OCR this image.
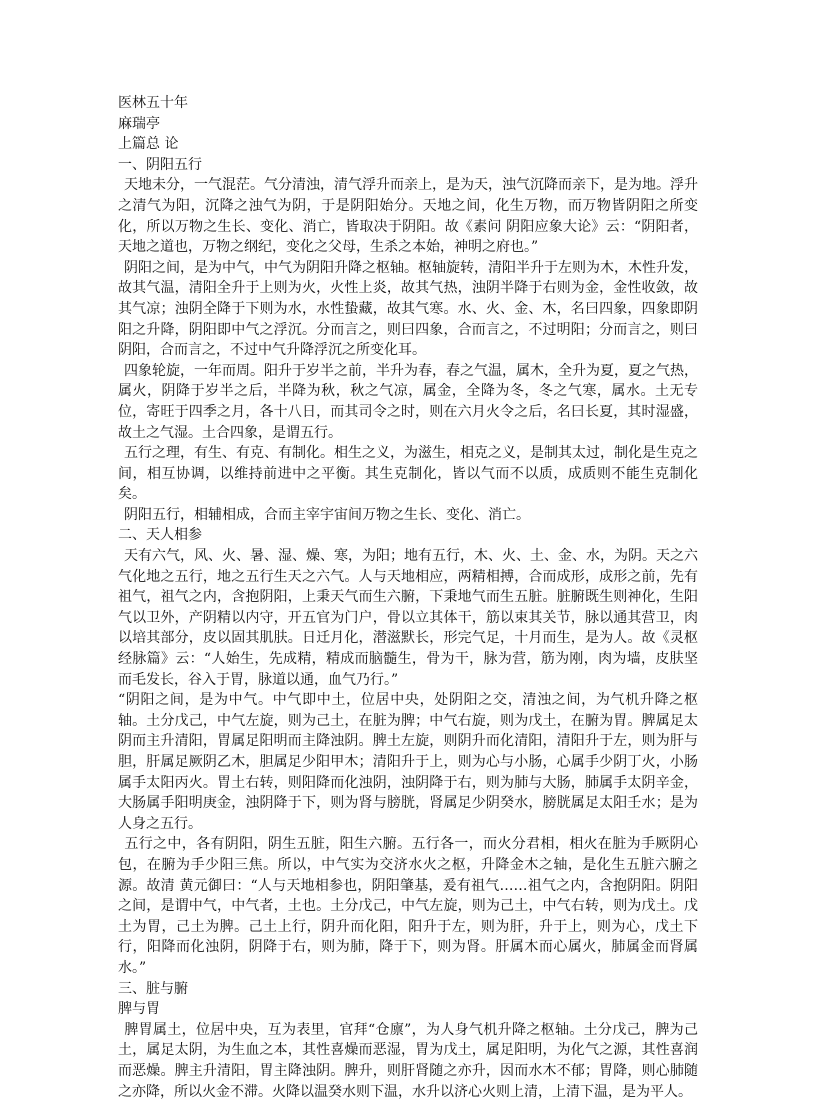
医林五十年

麻瑞亭

上篇总 论

一、阴阳五行

天地未分，一气混茫。气分清浊，清气浮升而亲上，是为天，浊气沉降而亲下，是为地。浮升之清气为阳，沉降之浊气为阴，于是阴阳始分。天地之间，化生万物，而万物皆阴阳之所变化，所以万物之生长、变化、消亡，皆取决于阴阳。故《素问 阴阳应象大论》云：“阴阳者，天地之道也，万物之纲纪，变化之父母，生杀之本始，神明之府也。”

阴阳之间，是为中气，中气为阴阳升降之枢轴。枢轴旋转，清阳半升于左则为木，木性升发，故其气温，清阳全升于上则为火，火性上炎，故其气热，浊阴半降于右则为金，金性收敛，故其气凉；浊阴全降于下则为水，水性蛰藏，故其气寒。水、火、金、木，名曰四象，四象即阴阳之升降，阴阳即中气之浮沉。分而言之，则曰四象，合而言之，不过明阳；分而言之，则曰阴阳，合而言之，不过中气升降浮沉之所变化耳。

四象轮旋，一年而周。阳升于岁半之前，半升为春，春之气温，属木，全升为夏，夏之气热，属火，阴降于岁半之后，半降为秋，秋之气凉，属金，全降为冬，冬之气寒，属水。土无专位，寄旺于四季之月，各十八日，而其司令之时，则在六月火令之后，名曰长夏，其时湿盛，故土之气湿。土合四象，是谓五行。

五行之理，有生、有克、有制化。相生之义，为滋生，相克之义，是制其太过，制化是生克之间，相互协调，以维持前进中之平衡。其生克制化，皆以气而不以质，成质则不能生克制化矣。

阴阳五行，相辅相成，合而主宰宇宙间万物之生长、变化、消亡。

二、天人相参

天有六气，风、火、暑、湿、燥、寒，为阳；地有五行，木、火、土、金、水，为阴。天之六气化地之五行，地之五行生天之六气。人与天地相应，两精相搏，合而成形，成形之前，先有祖气，祖气之内，含抱阴阳，上秉天气而生六腑，下秉地气而生五脏。脏腑既生则神化，生阳气以卫外，产阴精以内守，开五官为门户，骨以立其体干，筋以束其关节，脉以通其营卫，肉以培其部分，皮以固其肌肤。日迁月化，潜滋默长，形完气足，十月而生，是为人。故《灵枢 经脉篇》云：“人始生，先成精，精成而脑髓生，骨为干，脉为营，筋为刚，肉为墙，皮肤坚而毛发长，谷入于胃，脉道以通，血气乃行。”

“阴阳之间，是为中气。中气即中土，位居中央，处阴阳之交，清浊之间，为气机升降之枢轴。土分戊己，中气左旋，则为己土，在脏为脾；中气右旋，则为戊土，在腑为胃。脾属足太阴而主升清阳，胃属足阳明而主降浊阴。脾土左旋，则阴升而化清阳，清阳升于左，则为肝与胆，肝属足厥阴乙木，胆属足少阳甲木；清阳升于上，则为心与小肠，心属手少阴丁火，小肠属手太阳丙火。胃土右转，则阳降而化浊阴，浊阴降于右，则为肺与大肠，肺属手太阴辛金，大肠属手阳明庚金，浊阴降于下，则为肾与膀胱，肾属足少阴癸水，膀胱属足太阳壬水；是为人身之五行。

五行之中，各有阴阳，阴生五脏，阳生六腑。五行各一，而火分君相，相火在脏为手厥阴心包，在腑为手少阳三焦。所以，中气实为交济水火之枢，升降金木之轴，是化生五脏六腑之源。故清 黄元御曰：“人与天地相参也，阴阳肇基，爰有祖气……祖气之内，含抱阴阳。阴阳之间，是谓中气，中气者，土也。土分戊己，中气左旋，则为己土，中气右转，则为戊土。戊土为胃，己土为脾。己土上行，阴升而化阳，阳升于左，则为肝，升于上，则为心，戊土下行，阳降而化浊阴，阴降于右，则为肺，降于下，则为肾。肝属木而心属火，肺属金而肾属水。”

三、脏与腑

脾与胃

脾胃属土，位居中央，互为表里，官拜“仓廪”，为人身气机升降之枢轴。土分戊己，脾为己土，属足太阴，为生血之本，其性喜燥而恶湿，胃为戊土，属足阳明，为化气之源，其性喜润而恶燥。脾主升清阳，胃主降浊阴。脾升，则肝肾随之亦升，因而水木不郁；胃降，则心肺随之亦降，所以火金不滞。火降以温癸水则下温，水升以济心火则上清，上清下温，是为平人。
